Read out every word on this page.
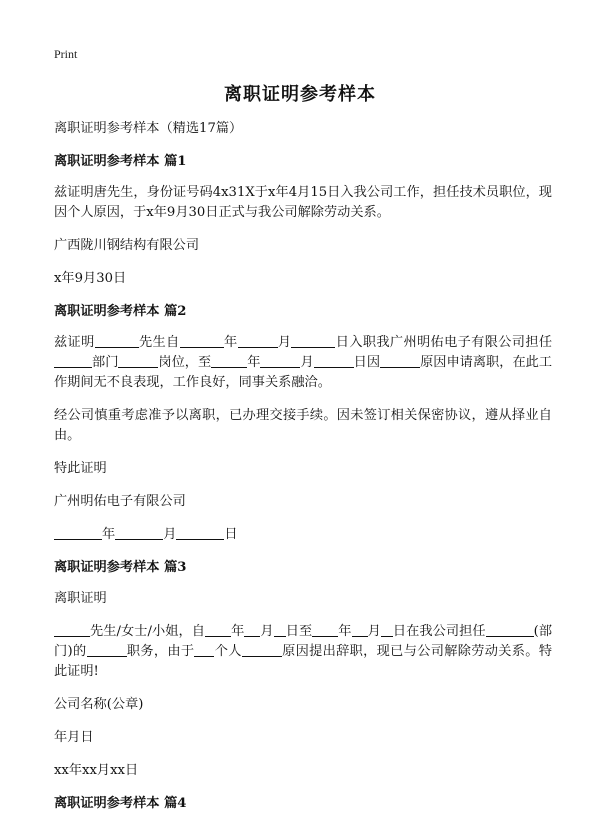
Print
离职证明参考样本
离职证明参考样本（精选17篇）
离职证明参考样本 篇1
兹证明唐先生，身份证号码4x31X于x年4月15日入我公司工作，担任技术员职位，现因个人原因，于x年9月30日正式与我公司解除劳动关系。
广西陇川钢结构有限公司
x年9月30日
离职证明参考样本 篇2
兹证明	先生自	年	月	日入职我广州明佑电子有限公司担任部门	岗位，至	年	月	日因	原因申请离职，在此工作期间无不良表现，工作良好，同事关系融洽。
经公司慎重考虑准予以离职，已办理交接手续。因未签订相关保密协议，遵从择业自由。
特此证明
广州明佑电子有限公司
年	月	日
离职证明参考样本 篇3
离职证明
先生/女士/小姐，自 年 月 日至 年 月 日在我公司担任	(部门)的	职务，由于 个人	原因提出辞职，现已与公司解除劳动关系。特此证明!
公司名称(公章)
年月日
xx年xx月xx日
离职证明参考样本 篇4
